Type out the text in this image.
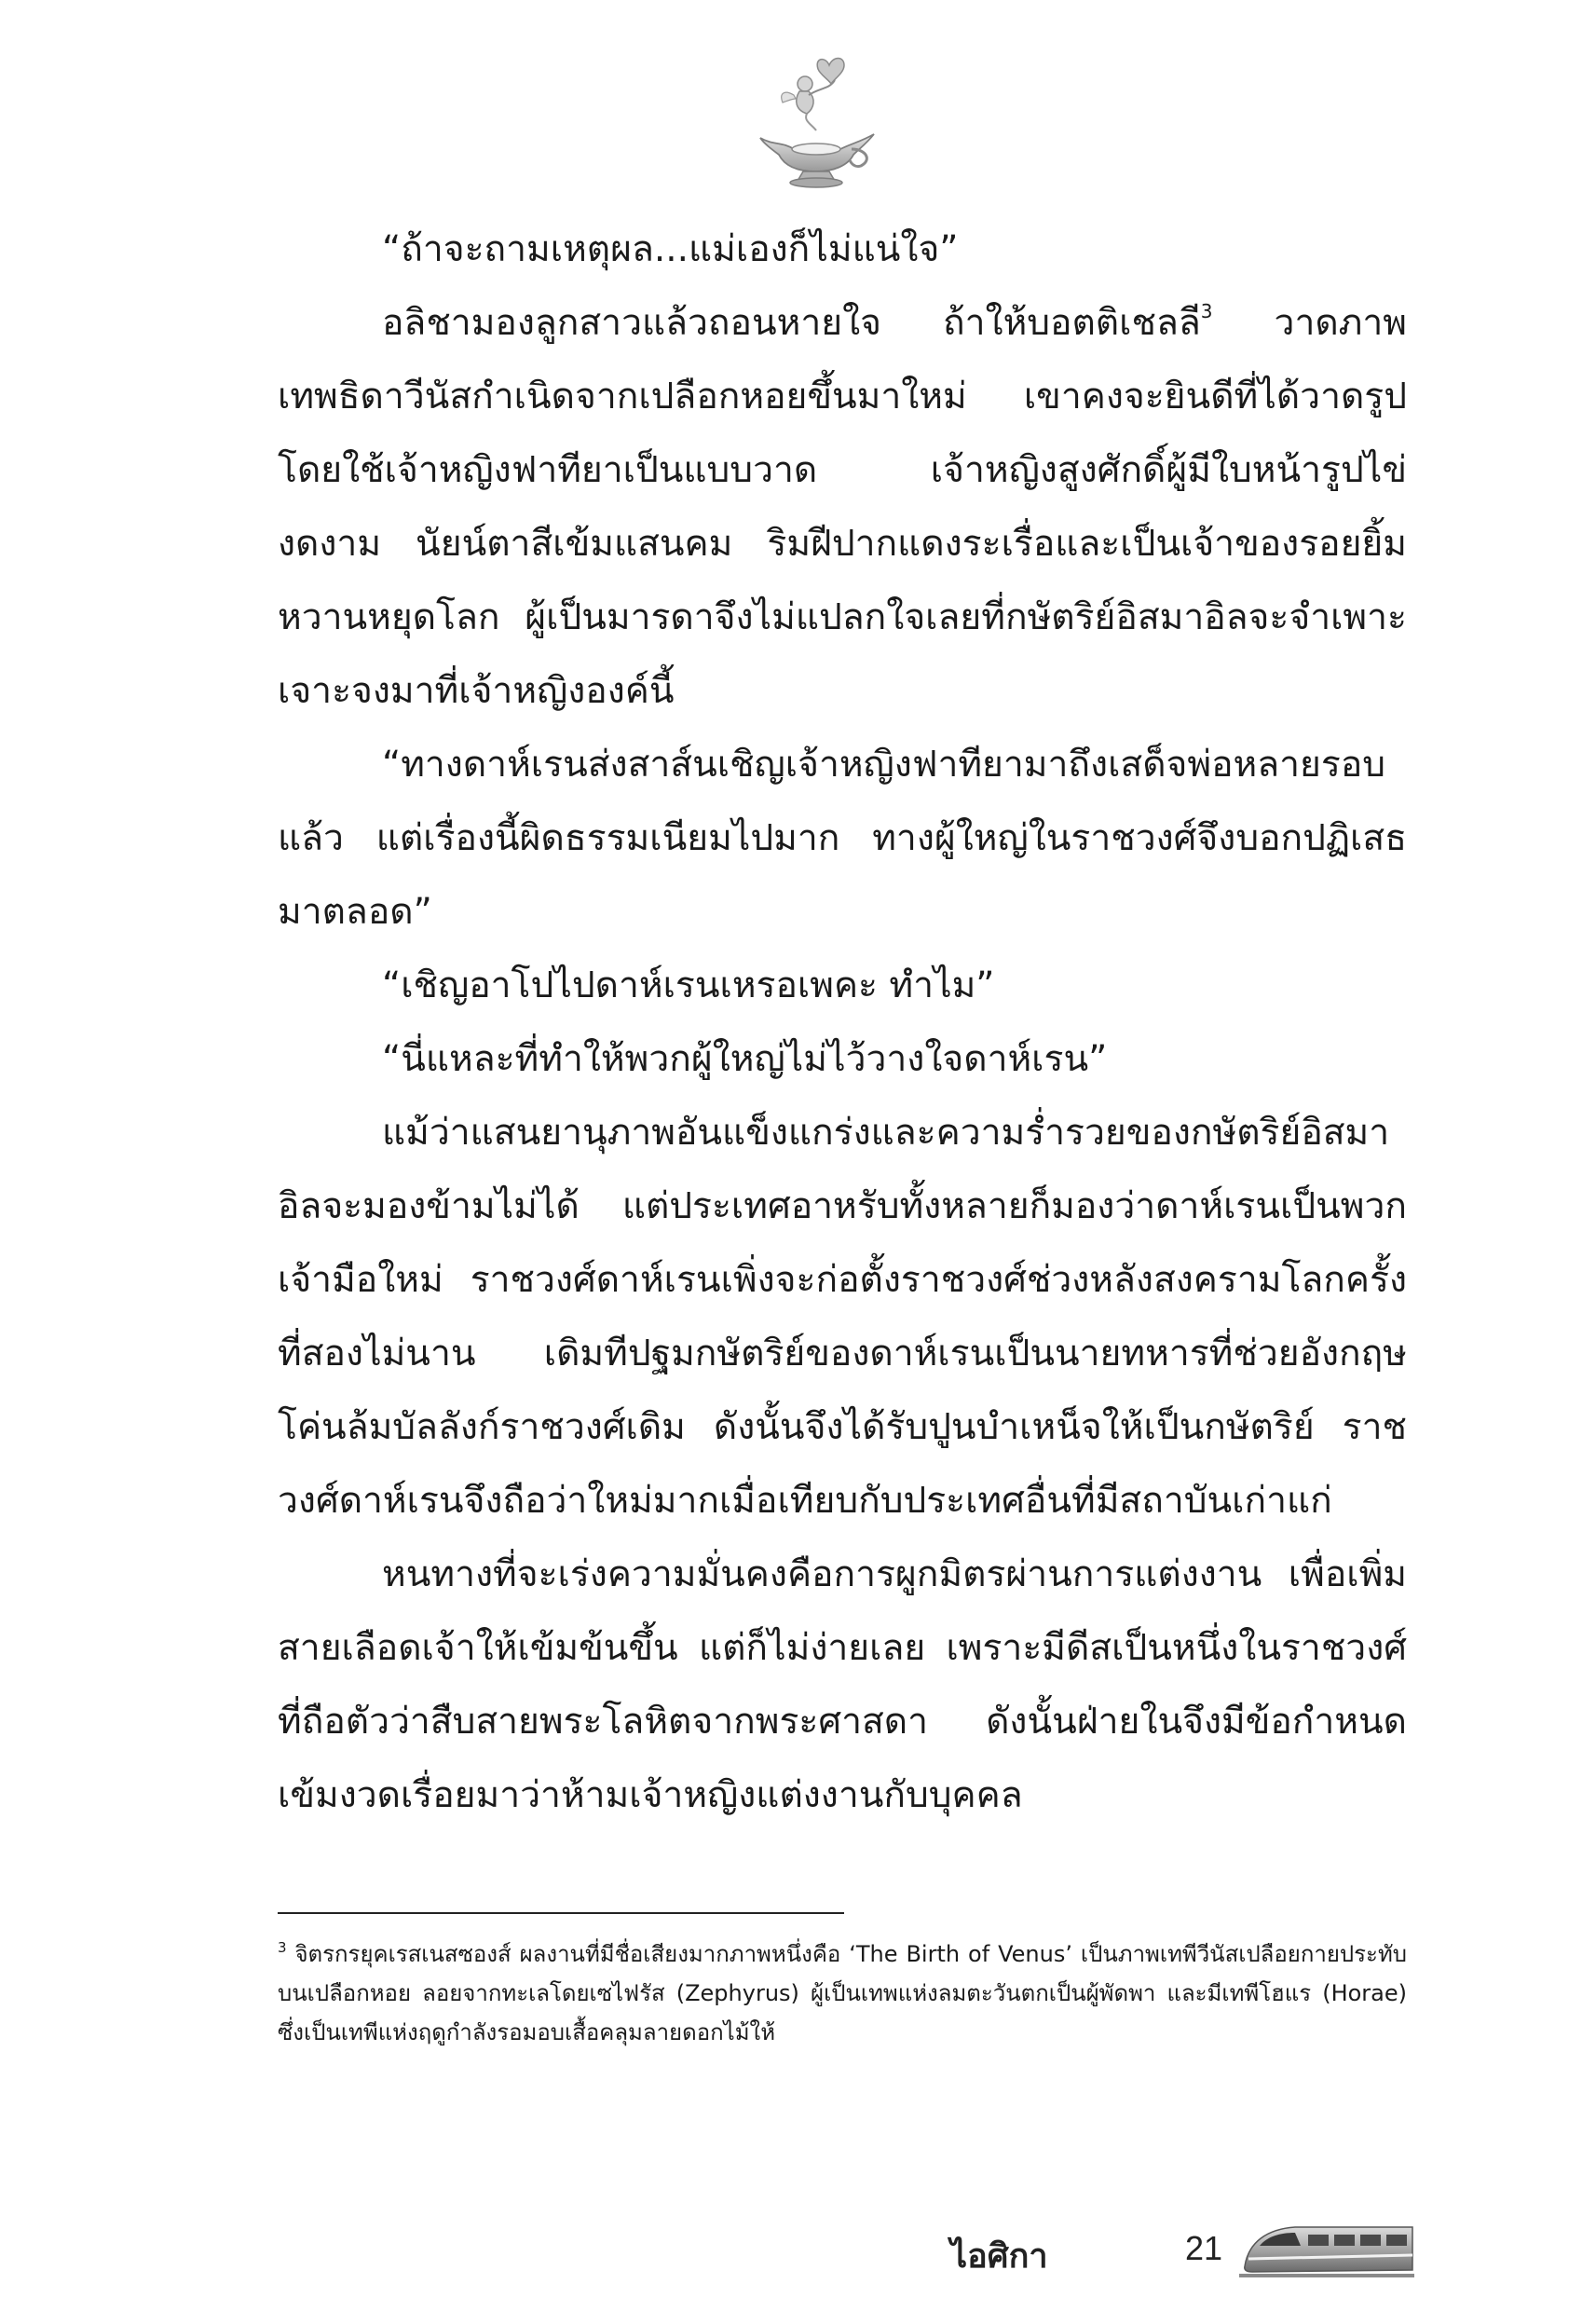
“ถ้าจะถามเหตุผล...แม่เองก็ไม่แน่ใจ”

อลิชามองลูกสาวแล้วถอนหายใจ ถ้าให้บอตติเชลลี$^3$ วาดภาพเทพธิดาวีนัสกำเนิดจากเปลือกหอยขึ้นมาใหม่ เขาคงจะยินดีที่ได้วาดรูปโดยใช้เจ้าหญิงฟาทียาเป็นแบบวาด เจ้าหญิงสูงศักดิ์ผู้มีใบหน้ารูปไข่งดงาม นัยน์ตาสีเข้มแสนคม ริมฝีปากแดงระเรื่อและเป็นเจ้าของรอยยิ้มหวานหยุดโลก ผู้เป็นมารดาจึงไม่แปลกใจเลยที่กษัตริย์อิสมาอิลจะจำเพาะเจาะจงมาที่เจ้าหญิงองค์นี้

“ทางดาห์เรนส่งสาส์นเชิญเจ้าหญิงฟาทียามาถึงเสด็จพ่อหลายรอบแล้ว แต่เรื่องนี้ผิดธรรมเนียมไปมาก ทางผู้ใหญ่ในราชวงศ์จึงบอกปฏิเสธมาตลอด”

“เชิญอาโปไปดาห์เรนเหรอเพคะ ทำไม”

“นี่แหละที่ทำให้พวกผู้ใหญ่ไม่ไว้วางใจดาห์เรน”

แม้ว่าแสนยานุภาพอันแข็งแกร่งและความร่ำรวยของกษัตริย์อิสมาอิลจะมองข้ามไม่ได้ แต่ประเทศอาหรับทั้งหลายก็มองว่าดาห์เรนเป็นพวกเจ้ามือใหม่ ราชวงศ์ดาห์เรนเพิ่งจะก่อตั้งราชวงศ์ช่วงหลังสงครามโลกครั้งที่สองไม่นาน เดิมทีปฐมกษัตริย์ของดาห์เรนเป็นนายทหารที่ช่วยอังกฤษโค่นล้มบัลลังก์ราชวงศ์เดิม ดังนั้นจึงได้รับปูนบำเหน็จให้เป็นกษัตริย์ ราชวงศ์ดาห์เรนจึงถือว่าใหม่มากเมื่อเทียบกับประเทศอื่นที่มีสถาบันเก่าแก่

หนทางที่จะเร่งความมั่นคงคือการผูกมิตรผ่านการแต่งงาน เพื่อเพิ่มสายเลือดเจ้าให้เข้มข้นขึ้น แต่ก็ไม่ง่ายเลย เพราะมีดีสเป็นหนึ่งในราชวงศ์ที่ถือตัวว่าสืบสายพระโลหิตจากพระศาสดา ดังนั้นฝ่ายในจึงมีข้อกำหนดเข้มงวดเรื่อยมาว่าห้ามเจ้าหญิงแต่งงานกับบุคคล

$^3$ จิตรกรยุคเรสเนสซองส์ ผลงานที่มีชื่อเสียงมากภาพหนึ่งคือ ‘The Birth of Venus’ เป็นภาพเทพีวีนัสเปลือยกายประทับบนเปลือกหอย ลอยจากทะเลโดยเซไฟรัส (Zephyrus) ผู้เป็นเทพแห่งลมตะวันตกเป็นผู้พัดพา และมีเทพีโฮแร (Horae) ซึ่งเป็นเทพีแห่งฤดูกำลังรอมอบเสื้อคลุมลายดอกไม้ให้

ไอศิกา	21
